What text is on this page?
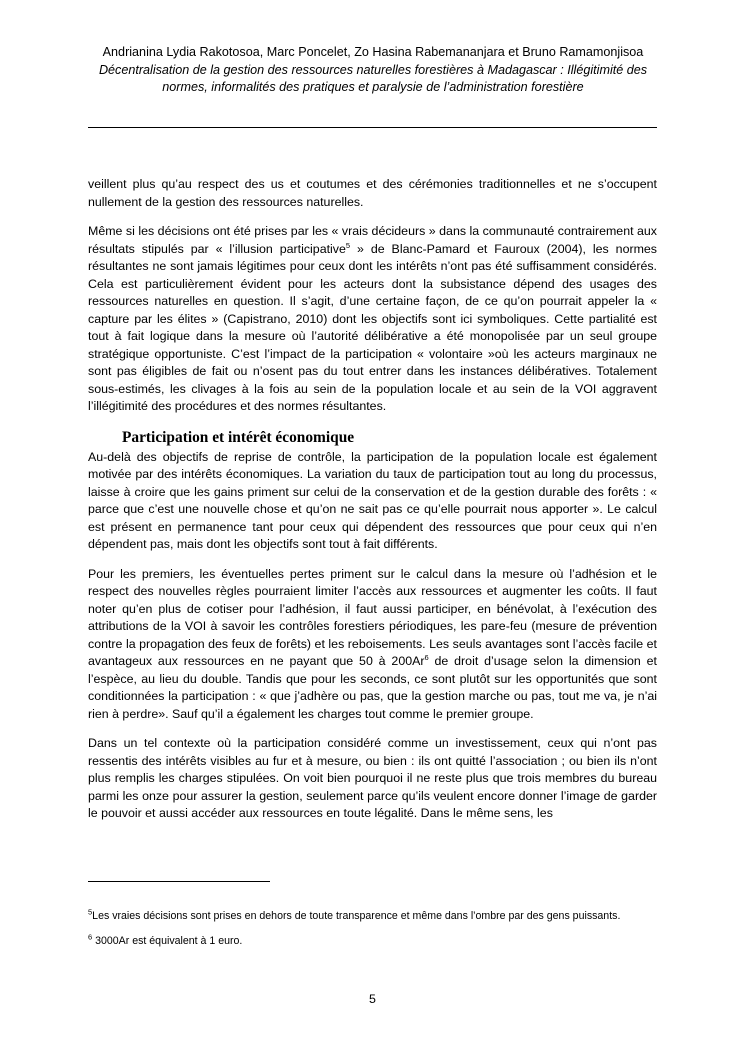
Andrianina Lydia Rakotosoa, Marc Poncelet, Zo Hasina Rabemananjara et Bruno Ramamonjisoa
Décentralisation de la gestion des ressources naturelles forestières à Madagascar : Illégitimité des normes, informalités des pratiques et paralysie de l’administration forestière

veillent plus qu’au respect des us et coutumes et des cérémonies traditionnelles et ne s’occupent nullement de la gestion des ressources naturelles.

Même si les décisions ont été prises par les « vrais décideurs » dans la communauté contrairement aux résultats stipulés par « l’illusion participative$^5$ » de Blanc-Pamard et Fauroux (2004), les normes résultantes ne sont jamais légitimes pour ceux dont les intérêts n’ont pas été suffisamment considérés. Cela est particulièrement évident pour les acteurs dont la subsistance dépend des usages des ressources naturelles en question. Il s’agit, d’une certaine façon, de ce qu’on pourrait appeler la « capture par les élites » (Capistrano, 2010) dont les objectifs sont ici symboliques. Cette partialité est tout à fait logique dans la mesure où l’autorité délibérative a été monopolisée par un seul groupe stratégique opportuniste. C’est l’impact de la participation « volontaire »où les acteurs marginaux ne sont pas éligibles de fait ou n’osent pas du tout entrer dans les instances délibératives. Totalement sous-estimés, les clivages à la fois au sein de la population locale et au sein de la VOI aggravent l’illégitimité des procédures et des normes résultantes.

Participation et intérêt économique

Au-delà des objectifs de reprise de contrôle, la participation de la population locale est également motivée par des intérêts économiques. La variation du taux de participation tout au long du processus, laisse à croire que les gains priment sur celui de la conservation et de la gestion durable des forêts : « parce que c’est une nouvelle chose et qu’on ne sait pas ce qu’elle pourrait nous apporter ». Le calcul est présent en permanence tant pour ceux qui dépendent des ressources que pour ceux qui n’en dépendent pas, mais dont les objectifs sont tout à fait différents.

Pour les premiers, les éventuelles pertes priment sur le calcul dans la mesure où l’adhésion et le respect des nouvelles règles pourraient limiter l’accès aux ressources et augmenter les coûts. Il faut noter qu’en plus de cotiser pour l’adhésion, il faut aussi participer, en bénévolat, à l’exécution des attributions de la VOI à savoir les contrôles forestiers périodiques, les pare-feu (mesure de prévention contre la propagation des feux de forêts) et les reboisements. Les seuls avantages sont l’accès facile et avantageux aux ressources en ne payant que 50 à 200Ar$^6$ de droit d’usage selon la dimension et l’espèce, au lieu du double. Tandis que pour les seconds, ce sont plutôt sur les opportunités que sont conditionnées la participation : « que j’adhère ou pas, que la gestion marche ou pas, tout me va, je n’ai rien à perdre». Sauf qu’il a également les charges tout comme le premier groupe.

Dans un tel contexte où la participation considéré comme un investissement, ceux qui n’ont pas ressentis des intérêts visibles au fur et à mesure, ou bien : ils ont quitté l’association ; ou bien ils n’ont plus remplis les charges stipulées. On voit bien pourquoi il ne reste plus que trois membres du bureau parmi les onze pour assurer la gestion, seulement parce qu’ils veulent encore donner l’image de garder le pouvoir et aussi accéder aux ressources en toute légalité. Dans le même sens, les

$^5$Les vraies décisions sont prises en dehors de toute transparence et même dans l’ombre par des gens puissants.

$^6$ 3000Ar est équivalent à 1 euro.

5
